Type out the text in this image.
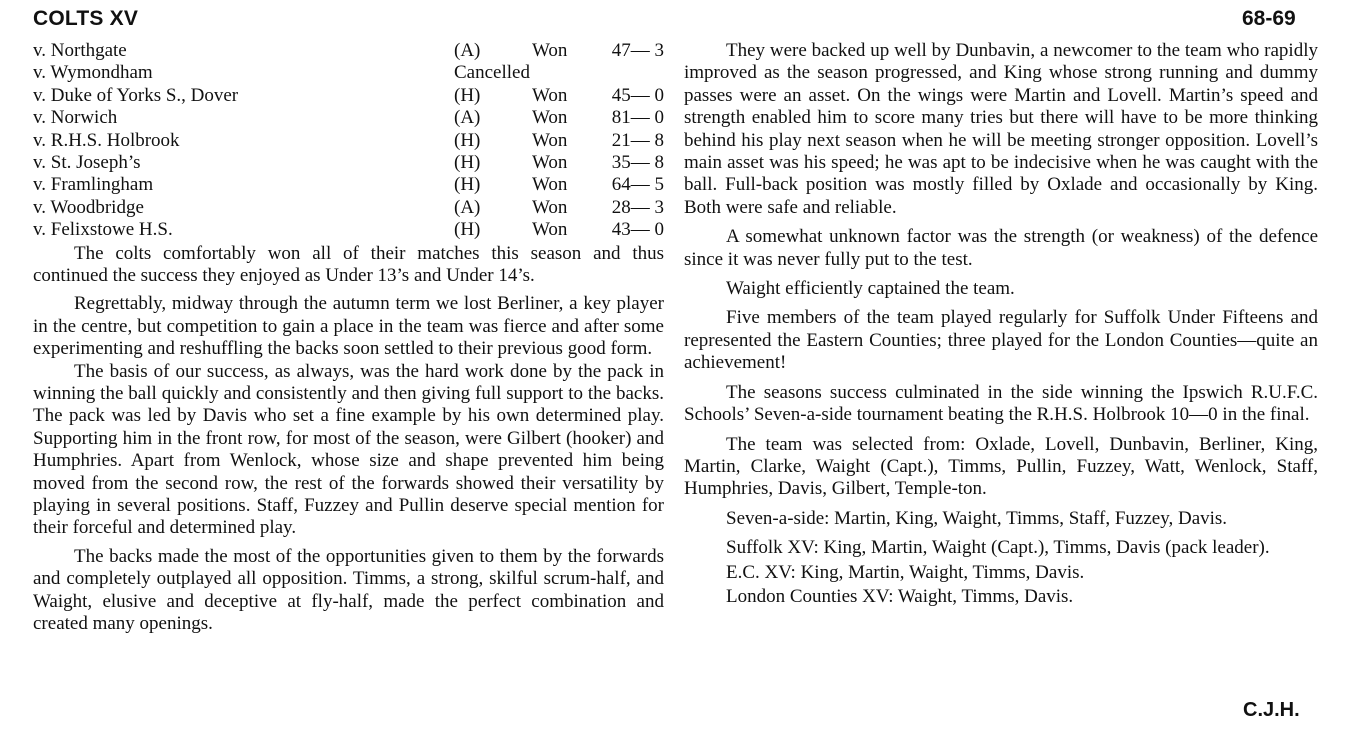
COLTS XV	68-69
v. Northgate	(A)	Won	47— 3
v. Wymondham	Cancelled
v. Duke of Yorks S., Dover	(H)	Won	45— 0
v. Norwich	(A)	Won	81— 0
v. R.H.S. Holbrook	(H)	Won	21— 8
v. St. Joseph’s	(H)	Won	35— 8
v. Framlingham	(H)	Won	64— 5
v. Woodbridge	(A)	Won	28— 3
v. Felixstowe H.S.	(H)	Won	43— 0

The colts comfortably won all of their matches this season and thus continued the success they enjoyed as Under 13’s and Under 14’s.

Regrettably, midway through the autumn term we lost Berliner, a key player in the centre, but competition to gain a place in the team was fierce and after some experimenting and reshuffling the backs soon settled to their previous good form.

The basis of our success, as always, was the hard work done by the pack in winning the ball quickly and consistently and then giving full support to the backs. The pack was led by Davis who set a fine example by his own determined play. Supporting him in the front row, for most of the season, were Gilbert (hooker) and Humphries. Apart from Wenlock, whose size and shape prevented him being moved from the second row, the rest of the forwards showed their versatility by playing in several positions. Staff, Fuzzey and Pullin deserve special mention for their forceful and determined play.

The backs made the most of the opportunities given to them by the forwards and completely outplayed all opposition. Timms, a strong, skilful scrum-half, and Waight, elusive and deceptive at fly-half, made the perfect combination and created many openings.

They were backed up well by Dunbavin, a newcomer to the team who rapidly improved as the season progressed, and King whose strong running and dummy passes were an asset. On the wings were Martin and Lovell. Martin’s speed and strength enabled him to score many tries but there will have to be more thinking behind his play next season when he will be meeting stronger opposition. Lovell’s main asset was his speed; he was apt to be indecisive when he was caught with the ball. Full-back position was mostly filled by Oxlade and occasionally by King. Both were safe and reliable.

A somewhat unknown factor was the strength (or weakness) of the defence since it was never fully put to the test.

Waight efficiently captained the team.

Five members of the team played regularly for Suffolk Under Fifteens and represented the Eastern Counties; three played for the London Counties—quite an achievement!

The seasons success culminated in the side winning the Ipswich R.U.F.C. Schools’ Seven-a-side tournament beating the R.H.S. Holbrook 10—0 in the final.

The team was selected from: Oxlade, Lovell, Dunbavin, Berliner, King, Martin, Clarke, Waight (Capt.), Timms, Pullin, Fuzzey, Watt, Wenlock, Staff, Humphries, Davis, Gilbert, Temple-ton.

Seven-a-side: Martin, King, Waight, Timms, Staff, Fuzzey, Davis.

Suffolk XV: King, Martin, Waight (Capt.), Timms, Davis (pack leader).

E.C. XV: King, Martin, Waight, Timms, Davis.

London Counties XV: Waight, Timms, Davis.

C.J.H.
